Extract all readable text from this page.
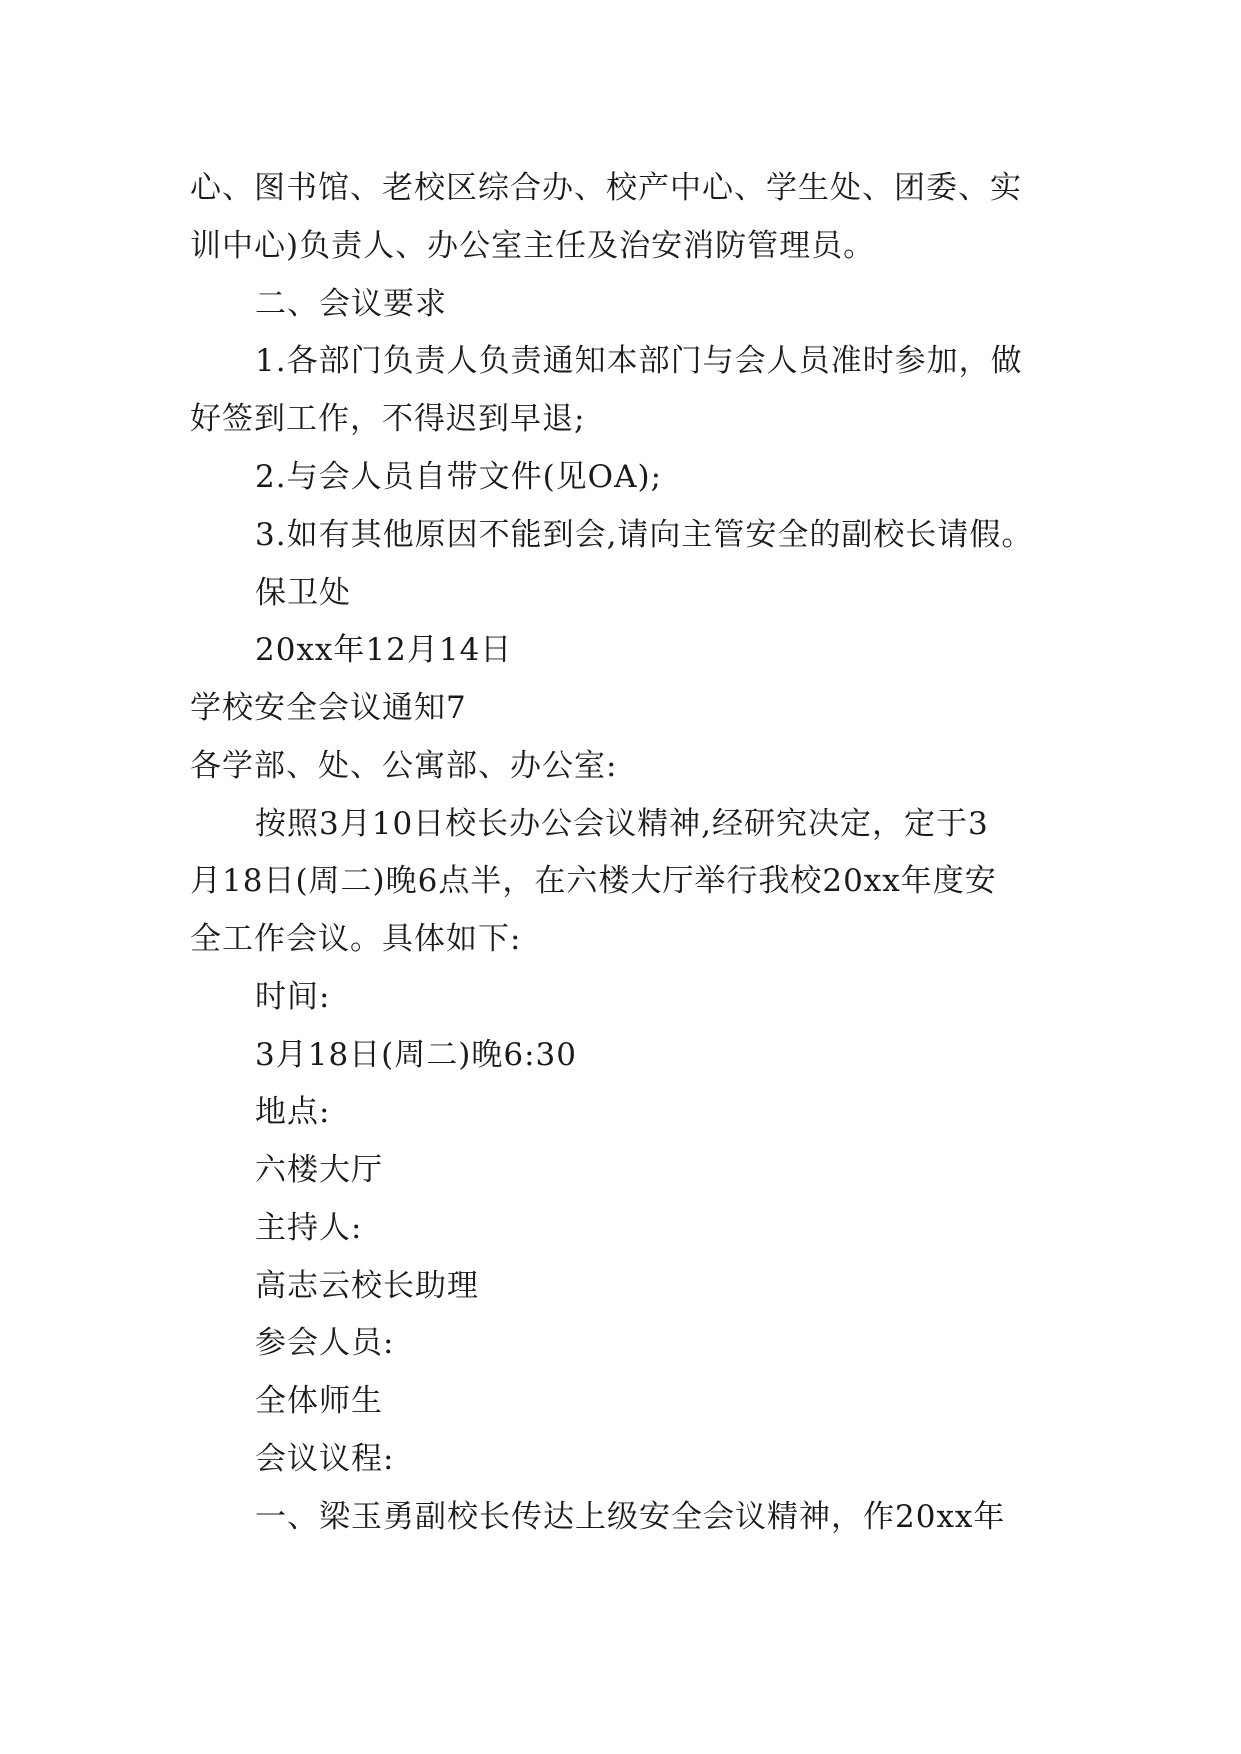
心、图书馆、老校区综合办、校产中心、学生处、团委、实
训中心)负责人、办公室主任及治安消防管理员。
二、会议要求
1.各部门负责人负责通知本部门与会人员准时参加，做
好签到工作，不得迟到早退;
2.与会人员自带文件(见OA);
3.如有其他原因不能到会,请向主管安全的副校长请假。
保卫处
20xx年12月14日
学校安全会议通知7
各学部、处、公寓部、办公室:
按照3月10日校长办公会议精神,经研究决定，定于3
月18日(周二)晚6点半，在六楼大厅举行我校20xx年度安
全工作会议。具体如下:
时间:
3月18日(周二)晚6:30
地点:
六楼大厅
主持人:
高志云校长助理
参会人员:
全体师生
会议议程:
一、梁玉勇副校长传达上级安全会议精神，作20xx年
